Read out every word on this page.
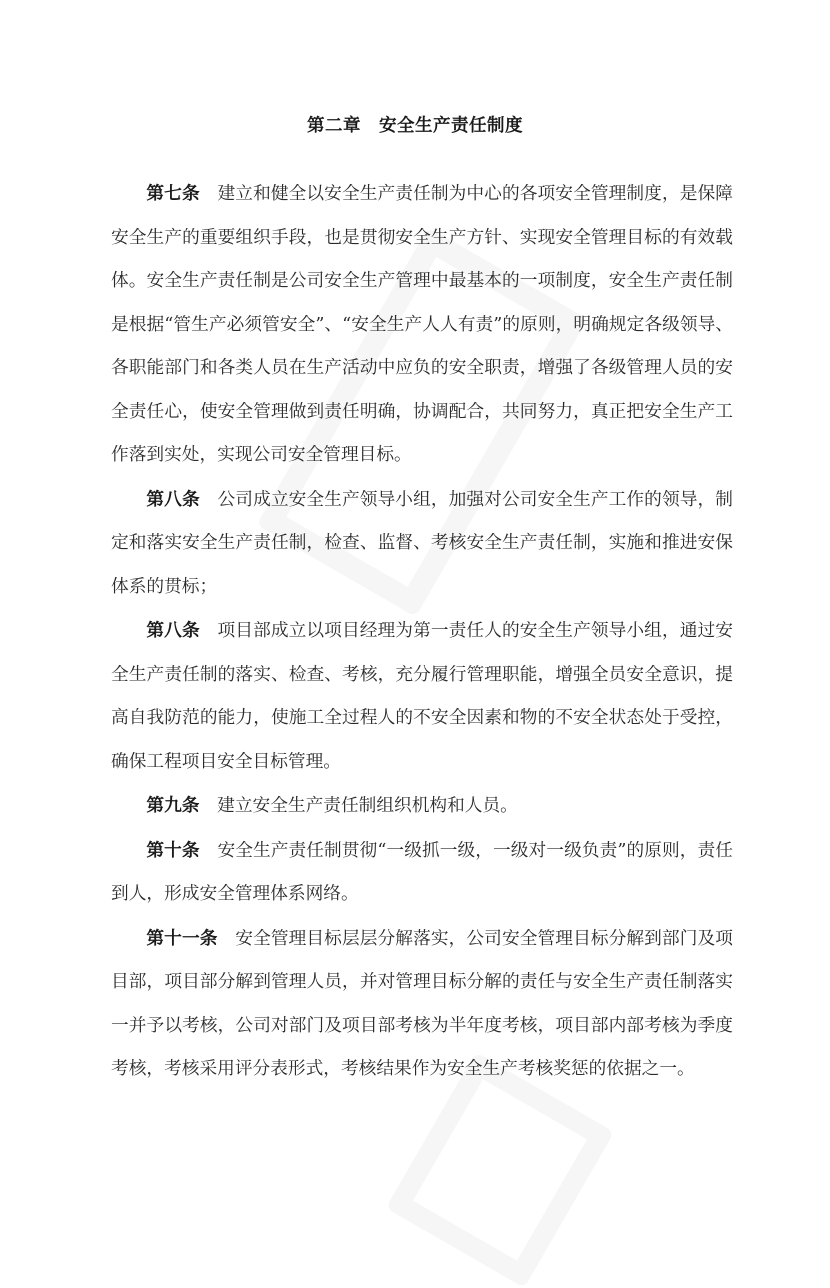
第二章　安全生产责任制度

第七条　 建立和健全以安全生产责任制为中心的各项安全管理制度，是保障安全生产的重要组织手段，也是贯彻安全生产方针、实现安全管理目标的有效载体。安全生产责任制是公司安全生产管理中最基本的一项制度，安全生产责任制是根据“管生产必须管安全”、“安全生产人人有责”的原则，明确规定各级领导、各职能部门和各类人员在生产活动中应负的安全职责，增强了各级管理人员的安全责任心，使安全管理做到责任明确，协调配合，共同努力，真正把安全生产工作落到实处，实现公司安全管理目标。

第八条　 公司成立安全生产领导小组，加强对公司安全生产工作的领导，制定和落实安全生产责任制，检查、监督、考核安全生产责任制，实施和推进安保体系的贯标；

第八条　 项目部成立以项目经理为第一责任人的安全生产领导小组，通过安全生产责任制的落实、检查、考核，充分履行管理职能，增强全员安全意识，提高自我防范的能力，使施工全过程人的不安全因素和物的不安全状态处于受控，确保工程项目安全目标管理。

第九条　 建立安全生产责任制组织机构和人员。

第十条　 安全生产责任制贯彻“一级抓一级，一级对一级负责”的原则，责任到人，形成安全管理体系网络。

第十一条　 安全管理目标层层分解落实，公司安全管理目标分解到部门及项目部，项目部分解到管理人员，并对管理目标分解的责任与安全生产责任制落实一并予以考核，公司对部门及项目部考核为半年度考核，项目部内部考核为季度考核，考核采用评分表形式，考核结果作为安全生产考核奖惩的依据之一。
